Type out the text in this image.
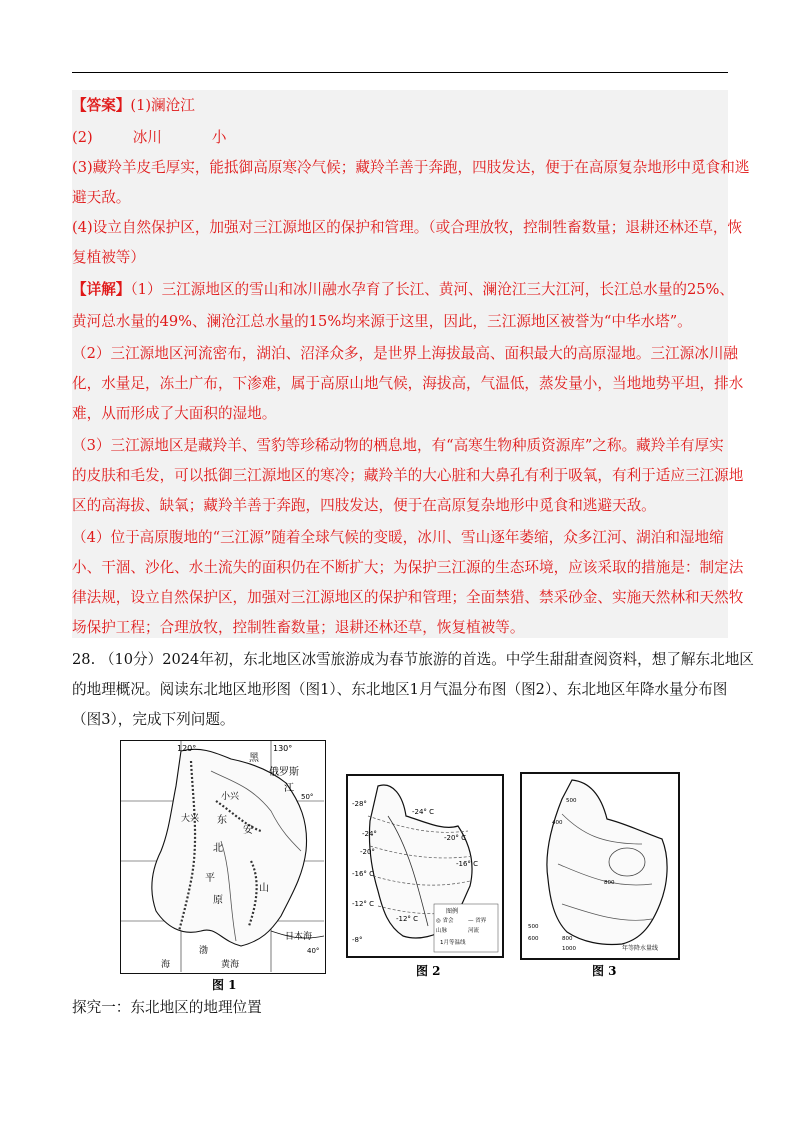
【答案】(1)澜沧江
(2)	冰川	小
(3)藏羚羊皮毛厚实，能抵御高原寒冷气候；藏羚羊善于奔跑，四肢发达，便于在高原复杂地形中觅食和逃
避天敌。
(4)设立自然保护区，加强对三江源地区的保护和管理。（或合理放牧，控制牲畜数量；退耕还林还草，恢
复植被等）
【详解】（1）三江源地区的雪山和冰川融水孕育了长江、黄河、澜沧江三大江河，长江总水量的25%、
黄河总水量的49%、澜沧江总水量的15%均来源于这里，因此，三江源地区被誉为“中华水塔”。
（2）三江源地区河流密布，湖泊、沼泽众多，是世界上海拔最高、面积最大的高原湿地。三江源冰川融
化，水量足，冻土广布，下渗难，属于高原山地气候，海拔高，气温低，蒸发量小，当地地势平坦，排水
难，从而形成了大面积的湿地。
（3）三江源地区是藏羚羊、雪豹等珍稀动物的栖息地，有“高寒生物种质资源库”之称。藏羚羊有厚实
的皮肤和毛发，可以抵御三江源地区的寒冷；藏羚羊的大心脏和大鼻孔有利于吸氧，有利于适应三江源地
区的高海拔、缺氧；藏羚羊善于奔跑，四肢发达，便于在高原复杂地形中觅食和逃避天敌。
（4）位于高原腹地的“三江源”随着全球气候的变暖，冰川、雪山逐年萎缩，众多江河、湖泊和湿地缩
小、干涸、沙化、水土流失的面积仍在不断扩大；为保护三江源的生态环境，应该采取的措施是：制定法
律法规，设立自然保护区，加强对三江源地区的保护和管理；全面禁猎、禁采砂金、实施天然林和天然牧
场保护工程；合理放牧，控制牲畜数量；退耕还林还草，恢复植被等。
28. （10分）2024年初，东北地区冰雪旅游成为春节旅游的首选。中学生甜甜查阅资料，想了解东北地区
的地理概况。阅读东北地区地形图（图1）、东北地区1月气温分布图（图2）、东北地区年降水量分布图
（图3），完成下列问题。
120°	130°
50°
40°
俄罗斯
日本海
黑
江
小兴
安
大兴 东
北
平
原
山
渤
黄海
海
图 1
-28°
-24° C
-24°
-20°
-16° C
-16° C
-20° C
-12° C
-12° C
-8°
图例
◎ 省会	— 省界
山脉	河流
1月等温线
图 2
500
400
800
500
600	800
1000	年等降水量线
图 3
探究一：东北地区的地理位置
